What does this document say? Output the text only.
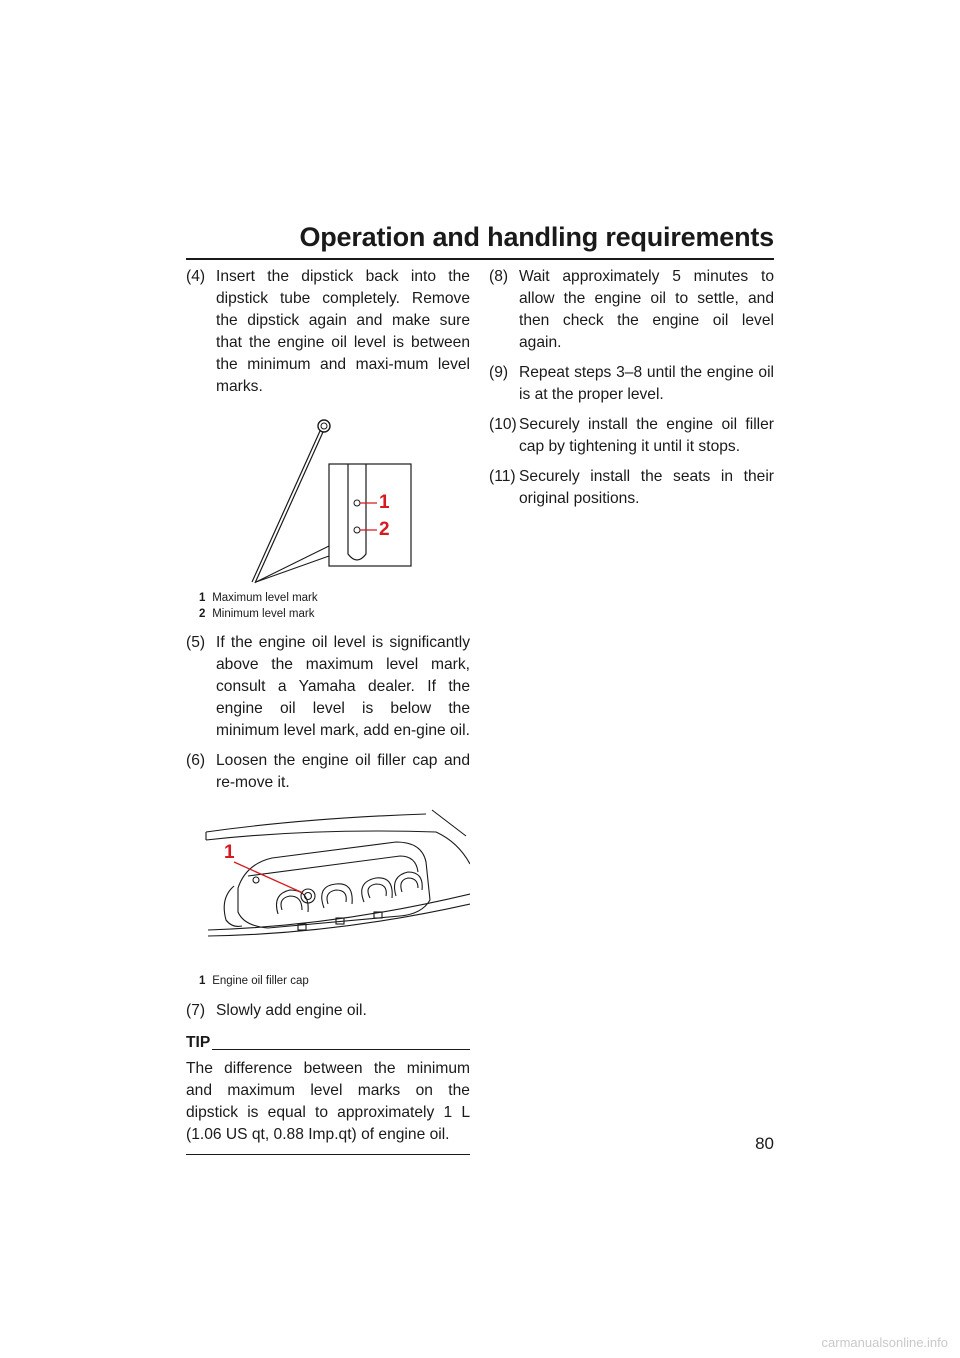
Operation and handling requirements
(4) Insert the dipstick back into the dipstick tube completely. Remove the dipstick again and make sure that the engine oil level is between the minimum and maxi-mum level marks.
1
2
1 Maximum level mark
2 Minimum level mark
(5) If the engine oil level is significantly above the maximum level mark, consult a Yamaha dealer. If the engine oil level is below the minimum level mark, add en-gine oil.
(6) Loosen the engine oil filler cap and re-move it.
1
1 Engine oil filler cap
(7) Slowly add engine oil.
TIP
The difference between the minimum and maximum level marks on the dipstick is equal to approximately 1 L (1.06 US qt, 0.88 Imp.qt) of engine oil.
(8) Wait approximately 5 minutes to allow the engine oil to settle, and then check the engine oil level again.
(9) Repeat steps 3–8 until the engine oil is at the proper level.
(10) Securely install the engine oil filler cap by tightening it until it stops.
(11) Securely install the seats in their original positions.
80
carmanualsonline.info
